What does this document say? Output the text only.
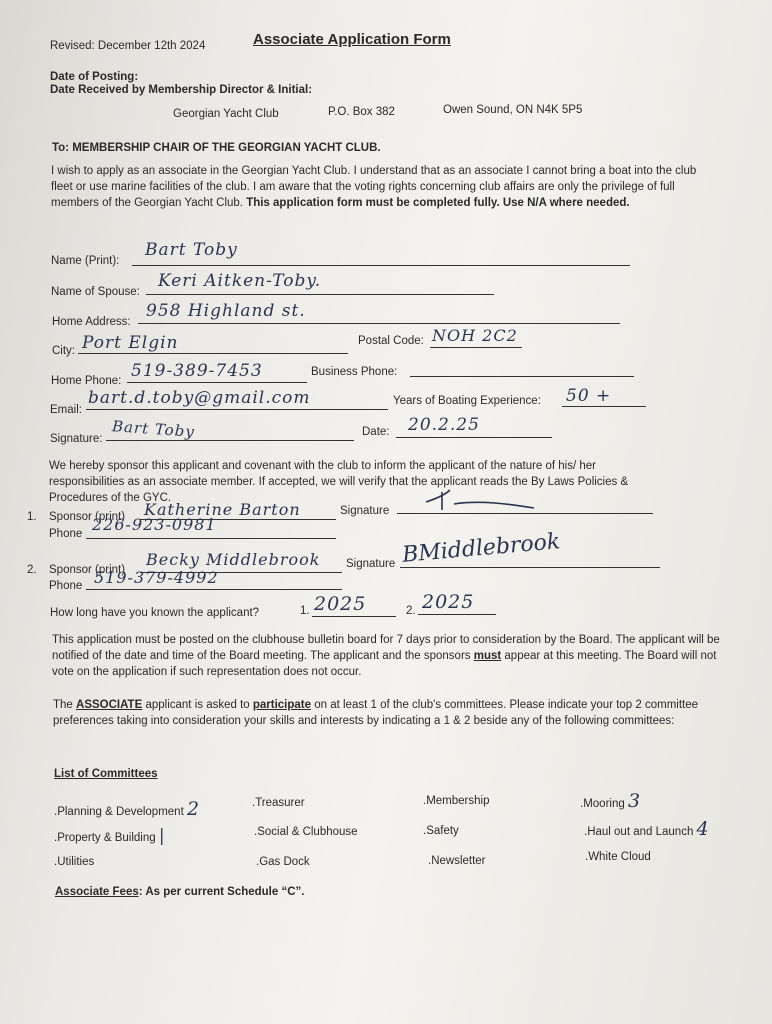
Revised: December 12th 2024	Associate Application Form
Date of Posting:
Date Received by Membership Director & Initial:
Georgian Yacht Club	P.O. Box 382	Owen Sound, ON N4K 5P5
To: MEMBERSHIP CHAIR OF THE GEORGIAN YACHT CLUB.
I wish to apply as an associate in the Georgian Yacht Club. I understand that as an associate I cannot bring a boat into the club fleet or use marine facilities of the club. I am aware that the voting rights concerning club affairs are only the privilege of full members of the Georgian Yacht Club. This application form must be completed fully. Use N/A where needed.
Name (Print):
Bart Toby
Name of Spouse:
Keri Aitken-Toby.
Home Address:
958 Highland st.
City: Port Elgin	Postal Code: NOH 2C2
Home Phone: 519-389-7453	Business Phone:
Email:
bart.d.toby@gmail.com	Years of Boating Experience: 50 +
Signature: Bart Toby	Date: 20.2.25
We hereby sponsor this applicant and covenant with the club to inform the applicant of the nature of his/ her responsibilities as an associate member. If accepted, we will verify that the applicant reads the By Laws Policies & Procedures of the GYC.
1. Sponsor (print) Katherine Barton	Signature
Phone 226-923-0981
2. Sponsor (print)
Becky Middlebrook Signature BMiddlebrook
Phone 519-379-4992
How long have you known the applicant?	1. 2025	2. 2025
This application must be posted on the clubhouse bulletin board for 7 days prior to consideration by the Board. The applicant will be notified of the date and time of the Board meeting. The applicant and the sponsors must appear at this meeting. The Board will not vote on the application if such representation does not occur.
The ASSOCIATE applicant is asked to participate on at least 1 of the club's committees. Please indicate your top 2 committee preferences taking into consideration your skills and interests by indicating a 1 & 2 beside any of the following committees:
List of Committees
.Planning & Development 2	.Treasurer	.Membership	.Mooring 3
.Property & Building |	.Social & Clubhouse	.Safety	.Haul out and Launch 4
.Utilities	.Gas Dock	.Newsletter	.White Cloud
Associate Fees: As per current Schedule “C”.
